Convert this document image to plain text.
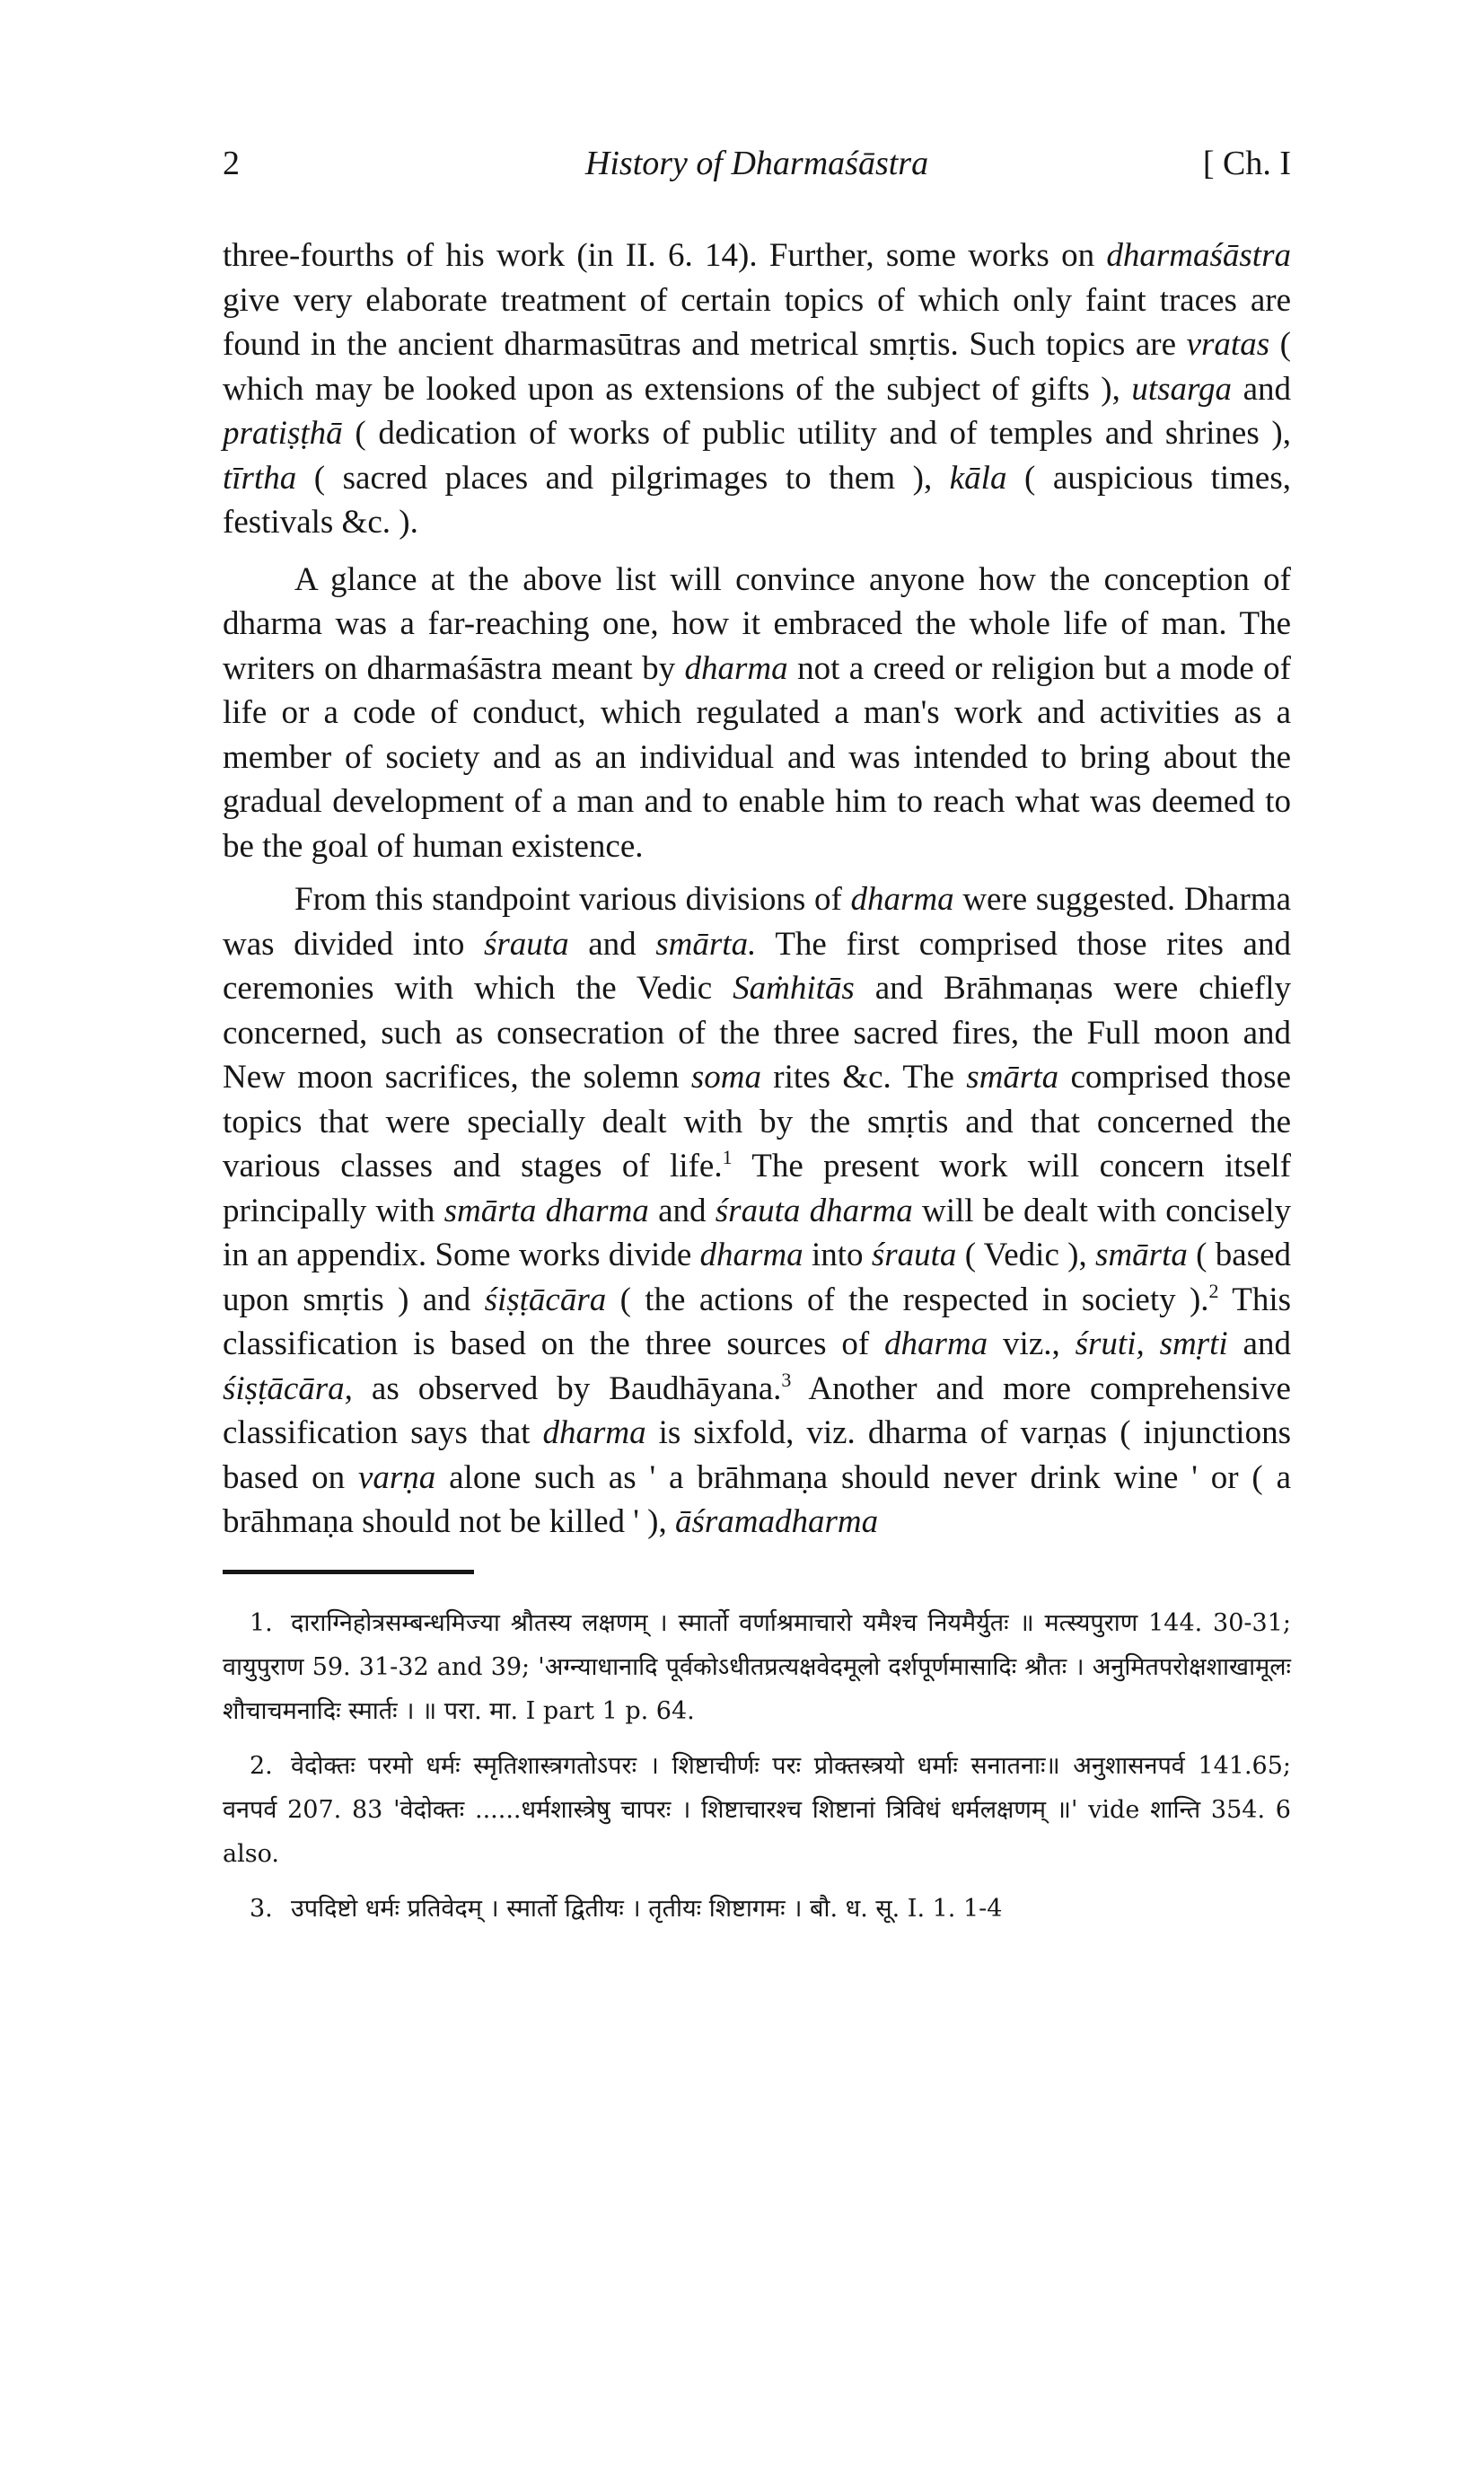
2	History of Dharmaśāstra	[ Ch. I

three-fourths of his work (in II. 6. 14). Further, some works on dharmaśāstra give very elaborate treatment of certain topics of which only faint traces are found in the ancient dharmasūtras and metrical smṛtis. Such topics are vratas ( which may be looked upon as extensions of the subject of gifts ), utsarga and pratiṣṭhā ( dedication of works of public utility and of temples and shrines ), tīrtha ( sacred places and pilgrimages to them ), kāla ( auspicious times, festivals &c. ).

A glance at the above list will convince anyone how the conception of dharma was a far-reaching one, how it embraced the whole life of man. The writers on dharmaśāstra meant by dharma not a creed or religion but a mode of life or a code of conduct, which regulated a man's work and activities as a member of society and as an individual and was intended to bring about the gradual development of a man and to enable him to reach what was deemed to be the goal of human existence.

From this standpoint various divisions of dharma were suggested. Dharma was divided into śrauta and smārta. The first comprised those rites and ceremonies with which the Vedic Saṁhitās and Brāhmaṇas were chiefly concerned, such as consecration of the three sacred fires, the Full moon and New moon sacrifices, the solemn soma rites &c. The smārta comprised those topics that were specially dealt with by the smṛtis and that concerned the various classes and stages of life.$^1$ The present work will concern itself principally with smārta dharma and śrauta dharma will be dealt with concisely in an appendix. Some works divide dharma into śrauta ( Vedic ), smārta ( based upon smṛtis ) and śiṣṭācāra ( the actions of the respected in society ).$^2$ This classification is based on the three sources of dharma viz., śruti, smṛti and śiṣṭācāra, as observed by Baudhāyana.$^3$ Another and more comprehensive classification says that dharma is sixfold, viz. dharma of varṇas ( injunctions based on varṇa alone such as ' a brāhmaṇa should never drink wine ' or ( a brāhmaṇa should not be killed ' ), āśramadharma

1. दाराग्निहोत्रसम्बन्धमिज्या श्रौतस्य लक्षणम् । स्मार्तो वर्णाश्रमाचारो यमैश्च नियमैर्युतः ॥ मत्स्यपुराण 144. 30-31; वायुपुराण 59. 31-32 and 39; 'अग्न्याधानादि पूर्वकोऽधीतप्रत्यक्षवेदमूलो दर्शपूर्णमासादिः श्रौतः । अनुमितपरोक्षशाखामूलः शौचाचमनादिः स्मार्तः । ॥ परा. मा. I part 1 p. 64.

2. वेदोक्तः परमो धर्मः स्मृतिशास्त्रगतोऽपरः । शिष्टाचीर्णः परः प्रोक्तस्त्रयो धर्माः सनातनाः॥ अनुशासनपर्व 141.65; वनपर्व 207. 83 'वेदोक्तः ......धर्मशास्त्रेषु चापरः । शिष्टाचारश्च शिष्टानां त्रिविधं धर्मलक्षणम् ॥' vide शान्ति 354. 6 also.

3. उपदिष्टो धर्मः प्रतिवेदम् । स्मार्तो द्वितीयः । तृतीयः शिष्टागमः । बौ. ध. सू. I. 1. 1-4
